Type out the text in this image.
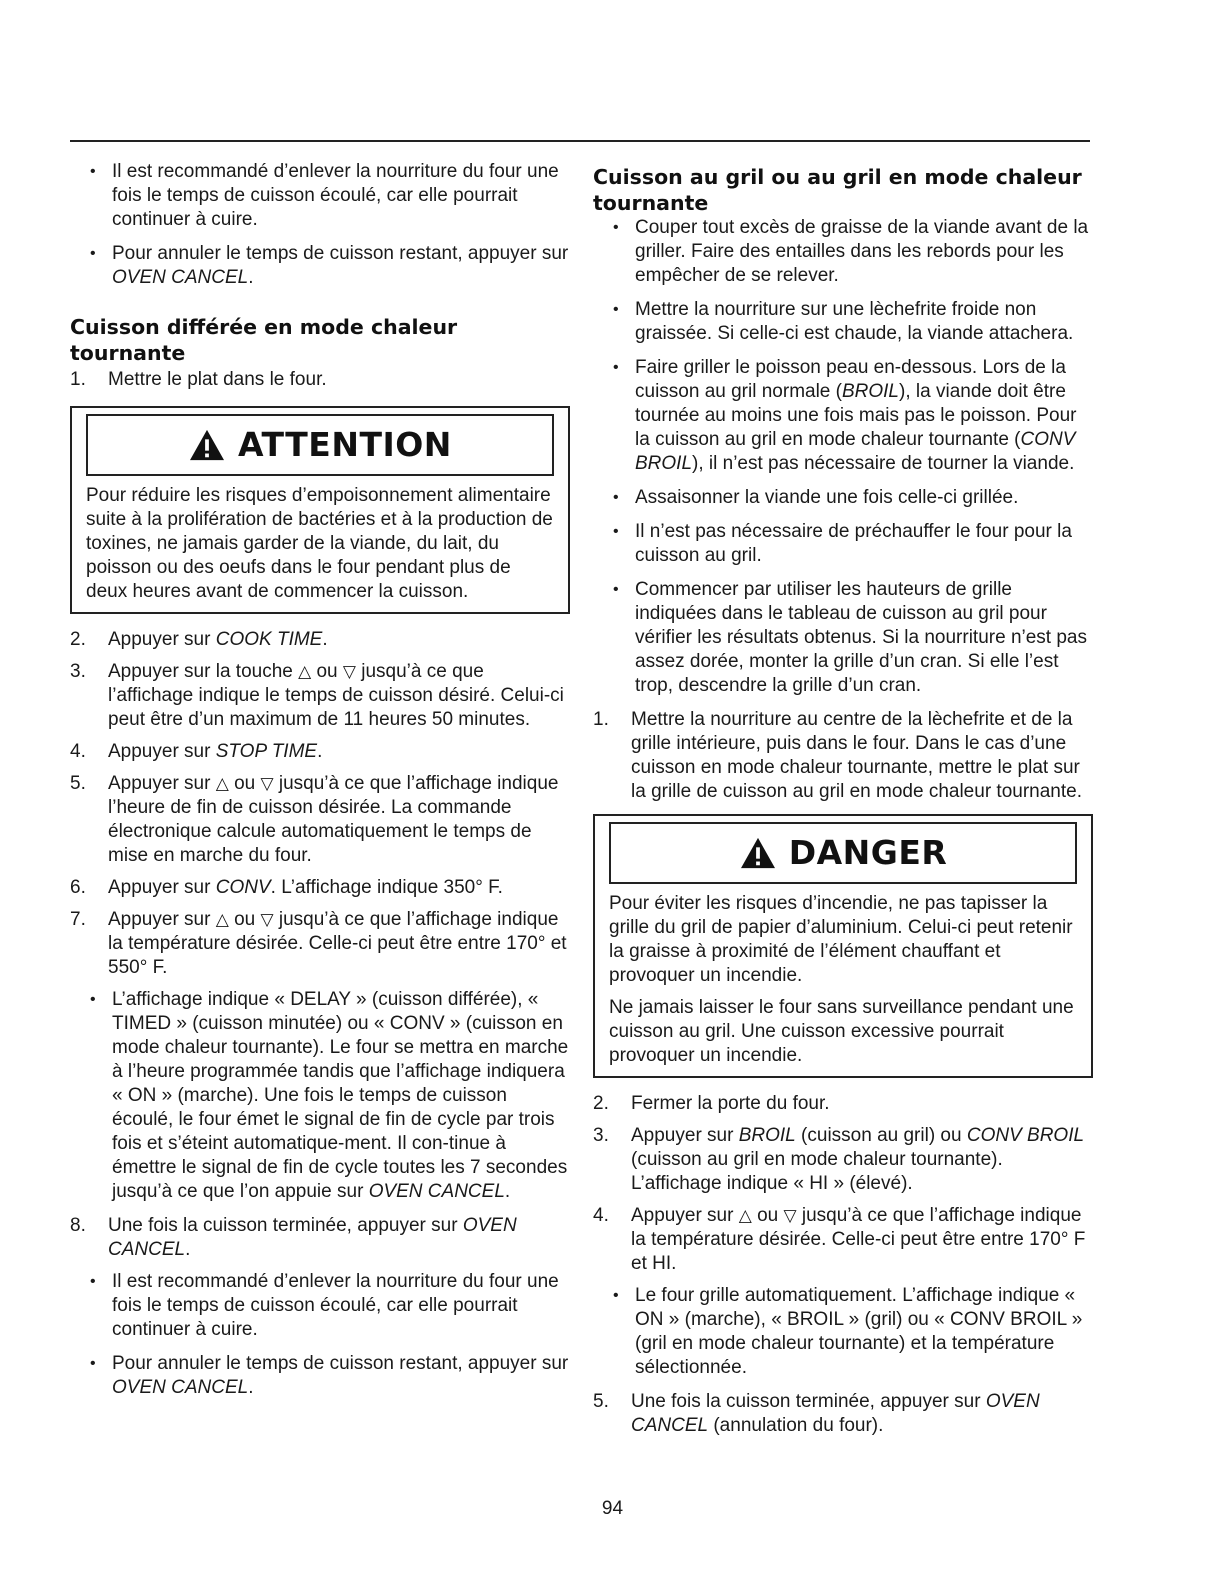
• Il est recommandé d’enlever la nourriture du four une fois le temps de cuisson écoulé, car elle pourrait continuer à cuire.
• Pour annuler le temps de cuisson restant, appuyer sur OVEN CANCEL.
Cuisson différée en mode chaleur tournante
1. Mettre le plat dans le four.
ATTENTION

Pour réduire les risques d’empoisonnement alimentaire suite à la prolifération de bactéries et à la production de toxines, ne jamais garder de la viande, du lait, du poisson ou des oeufs dans le four pendant plus de deux heures avant de commencer la cuisson.

2. Appuyer sur COOK TIME.
3. Appuyer sur la touche △ ou ▽ jusqu’à ce que l’affichage indique le temps de cuisson désiré. Celui-ci peut être d’un maximum de 11 heures 50 minutes.
4. Appuyer sur STOP TIME.
5. Appuyer sur △ ou ▽ jusqu’à ce que l’affichage indique l’heure de fin de cuisson désirée. La commande électronique calcule automatiquement le temps de mise en marche du four.
6. Appuyer sur CONV. L’affichage indique 350° F.
7. Appuyer sur △ ou ▽ jusqu’à ce que l’affichage indique la température désirée. Celle-ci peut être entre 170° et 550° F.
• L’affichage indique « DELAY » (cuisson différée), « TIMED » (cuisson minutée) ou « CONV » (cuisson en mode chaleur tournante). Le four se mettra en marche à l’heure programmée tandis que l’affichage indiquera « ON » (marche). Une fois le temps de cuisson écoulé, le four émet le signal de fin de cycle par trois fois et s’éteint automatique-ment. Il con-tinue à émettre le signal de fin de cycle toutes les 7 secondes jusqu’à ce que l’on appuie sur OVEN CANCEL.
8. Une fois la cuisson terminée, appuyer sur OVEN CANCEL.
• Il est recommandé d’enlever la nourriture du four une fois le temps de cuisson écoulé, car elle pourrait continuer à cuire.
• Pour annuler le temps de cuisson restant, appuyer sur OVEN CANCEL.
Cuisson au gril ou au gril en mode chaleur tournante
• Couper tout excès de graisse de la viande avant de la griller. Faire des entailles dans les rebords pour les empêcher de se relever.
• Mettre la nourriture sur une lèchefrite froide non graissée. Si celle-ci est chaude, la viande attachera.
• Faire griller le poisson peau en-dessous. Lors de la cuisson au gril normale (BROIL), la viande doit être tournée au moins une fois mais pas le poisson. Pour la cuisson au gril en mode chaleur tournante (CONV BROIL), il n’est pas nécessaire de tourner la viande.
• Assaisonner la viande une fois celle-ci grillée.
• Il n’est pas nécessaire de préchauffer le four pour la cuisson au gril.
• Commencer par utiliser les hauteurs de grille indiquées dans le tableau de cuisson au gril pour vérifier les résultats obtenus. Si la nourriture n’est pas assez dorée, monter la grille d’un cran. Si elle l’est trop, descendre la grille d’un cran.
1. Mettre la nourriture au centre de la lèchefrite et de la grille intérieure, puis dans le four. Dans le cas d’une cuisson en mode chaleur tournante, mettre le plat sur la grille de cuisson au gril en mode chaleur tournante.
DANGER

Pour éviter les risques d’incendie, ne pas tapisser la grille du gril de papier d’aluminium. Celui-ci peut retenir la graisse à proximité de l’élément chauffant et provoquer un incendie.

Ne jamais laisser le four sans surveillance pendant une cuisson au gril. Une cuisson excessive pourrait provoquer un incendie.

2. Fermer la porte du four.
3. Appuyer sur BROIL (cuisson au gril) ou CONV BROIL (cuisson au gril en mode chaleur tournante). L’affichage indique « HI » (élevé).
4. Appuyer sur △ ou ▽ jusqu’à ce que l’affichage indique la température désirée. Celle-ci peut être entre 170° F et HI.
• Le four grille automatiquement. L’affichage indique « ON » (marche), « BROIL » (gril) ou « CONV BROIL » (gril en mode chaleur tournante) et la température sélectionnée.
5. Une fois la cuisson terminée, appuyer sur OVEN CANCEL (annulation du four).
94
